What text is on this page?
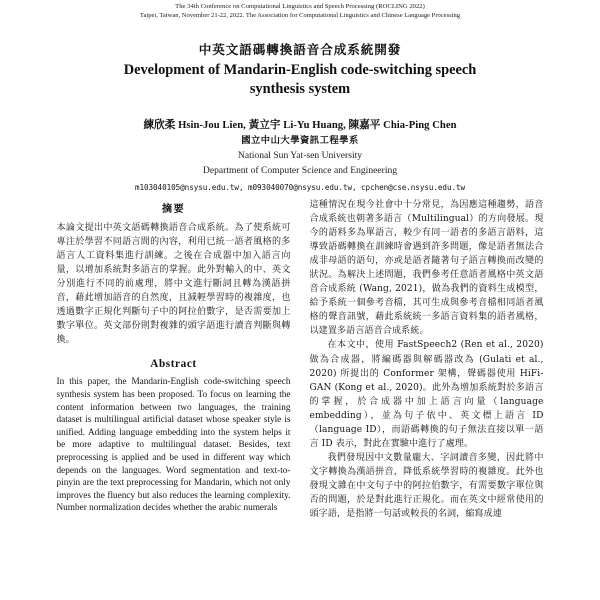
The 34th Conference on Computational Linguistics and Speech Processing (ROCLING 2022)
Taipei, Taiwan, November 21-22, 2022. The Association for Computational Linguistics and Chinese Language Processing
中英文語碼轉換語音合成系統開發
Development of Mandarin-English code-switching speech
synthesis system
練欣柔 Hsin-Jou Lien, 黃立宇 Li-Yu Huang, 陳嘉平 Chia-Ping Chen
國立中山大學資訊工程學系
National Sun Yat-sen University
Department of Computer Science and Engineering
m103040105@nsysu.edu.tw, m093040070@nsysu.edu.tw, cpchen@cse.nsysu.edu.tw
摘要

本論文提出中英文語碼轉換語音合成系統。為了使系統可專注於學習不同語言間的內容，利用已統一語者風格的多語言人工資料集進行訓練。之後在合成器中加入語言向量，以增加系統對多語言的掌握。此外對輸入的中、英文分別進行不同的前處理，將中文進行斷詞且轉為漢語拼音，藉此增加語音的自然度，且減輕學習時的複雜度，也透過數字正規化判斷句子中的阿拉伯數字，是否需要加上數字單位。英文部份則對複雜的頭字語進行讀音判斷與轉換。

Abstract

In this paper, the Mandarin-English code-switching speech synthesis system has been proposed. To focus on learning the content information between two languages, the training dataset is multilingual artificial dataset whose speaker style is unified. Adding language embedding into the system helps it be more adaptive to multilingual dataset. Besides, text preprocessing is applied and be used in different way which depends on the languages. Word segmentation and text-to-pinyin are the text preprocessing for Mandarin, which not only improves the fluency but also reduces the learning complexity. Number normalization decides whether the arabic numerals

這種情況在現今社會中十分常見，為因應這種趨勢，語音合成系統也朝著多語言（Multilingual）的方向發展。現今的語料多為單語言，較少有同一語者的多語言語料，這導致語碼轉換在訓練時會遇到許多問題，像是語者無法合成非母語的語句，亦或是語者隨著句子語言轉換而改變的狀況。為解決上述問題，我們參考任意語者風格中英文語音合成系統 (Wang, 2021)，做為我們的資料生成模型，給予系統一個參考音檔，其可生成與參考音檔相同語者風格的聲音訊號，藉此系統統一多語言資料集的語者風格，以建置多語言語音合成系統。

在本文中，使用 FastSpeech2 (Ren et al., 2020) 做為合成器，將編碼器與解碼器改為 (Gulati et al., 2020) 所提出的 Conformer 架構，聲碼器使用 HiFi-GAN (Kong et al., 2020)。此外為增加系統對於多語言的掌握，於合成器中加上語言向量（language embedding），並為句子依中、英文標上語言 ID（language ID），而語碼轉換的句子無法直接以單一語言 ID 表示，對此在實驗中進行了處理。

我們發現因中文數量龐大、字詞讀音多變，因此將中文字轉換為漢語拼音，降低系統學習時的複雜度。此外也發現文雜在中文句子中的阿拉伯數字，有需要數字單位與否的問題，於是對此進行正規化。而在英文中經常使用的頭字語，是指將一句話或較長的名詞，縮寫成連
